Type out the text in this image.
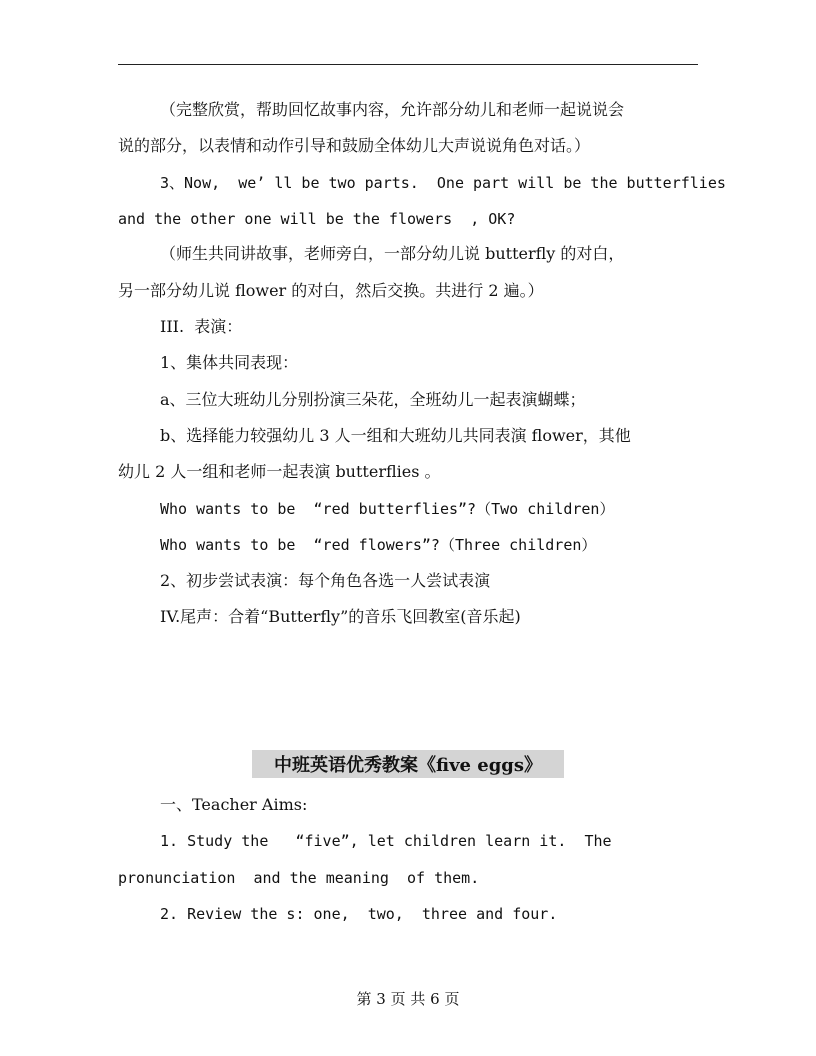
（完整欣赏，帮助回忆故事内容，允许部分幼儿和老师一起说说会
说的部分，以表情和动作引导和鼓励全体幼儿大声说说角色对话。）
3、Now,  we’ ll be two parts.  One part will be the butterflies
and the other one will be the flowers  , OK?
（师生共同讲故事，老师旁白，一部分幼儿说 butterfly 的对白，
另一部分幼儿说 flower 的对白，然后交换。共进行 2 遍。）
III.  表演：
1、集体共同表现：
a、三位大班幼儿分别扮演三朵花，全班幼儿一起表演蝴蝶；
b、选择能力较强幼儿 3 人一组和大班幼儿共同表演 flower，其他
幼儿 2 人一组和老师一起表演 butterflies 。
Who wants to be  “red butterflies”?（Two children）
Who wants to be  “red flowers”?（Three children）
2、初步尝试表演：每个角色各选一人尝试表演
IV.尾声：合着“Butterfly”的音乐飞回教室(音乐起)
中班英语优秀教案《five eggs》
一、Teacher Aims:
1. Study the   “five”, let children learn it.  The
pronunciation  and the meaning  of them.
2. Review the s: one,  two,  three and four.
第 3 页 共 6 页
